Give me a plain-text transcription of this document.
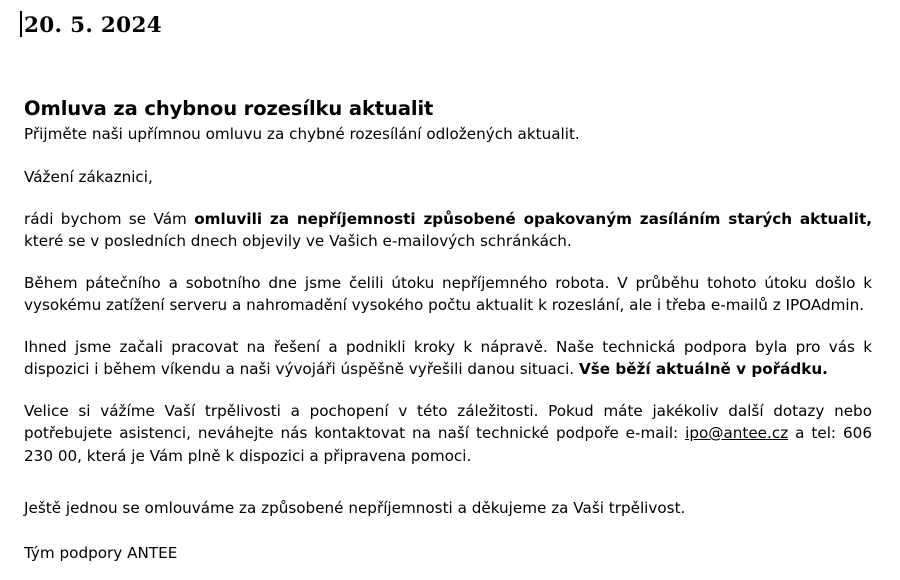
20. 5. 2024
Omluva za chybnou rozesílku aktualit
Přijměte naši upřímnou omluvu za chybné rozesílání odložených aktualit.

Vážení zákaznici,

rádi bychom se Vám omluvili za nepříjemnosti způsobené opakovaným zasíláním starých aktualit, které se v posledních dnech objevily ve Vašich e-mailových schránkách.

Během pátečního a sobotního dne jsme čelili útoku nepříjemného robota. V průběhu tohoto útoku došlo k vysokému zatížení serveru a nahromadění vysokého počtu aktualit k rozeslání, ale i třeba e-mailů z IPOAdmin.

Ihned jsme začali pracovat na řešení a podnikli kroky k nápravě. Naše technická podpora byla pro vás k dispozici i během víkendu a naši vývojáři úspěšně vyřešili danou situaci. Vše běží aktuálně v pořádku.

Velice si vážíme Vaší trpělivosti a pochopení v této záležitosti. Pokud máte jakékoliv další dotazy nebo potřebujete asistenci, neváhejte nás kontaktovat na naší technické podpoře e-mail: ipo@antee.cz a tel: 606 230 00, která je Vám plně k dispozici a připravena pomoci.

Ještě jednou se omlouváme za způsobené nepříjemnosti a děkujeme za Vaši trpělivost.

Tým podpory ANTEE
